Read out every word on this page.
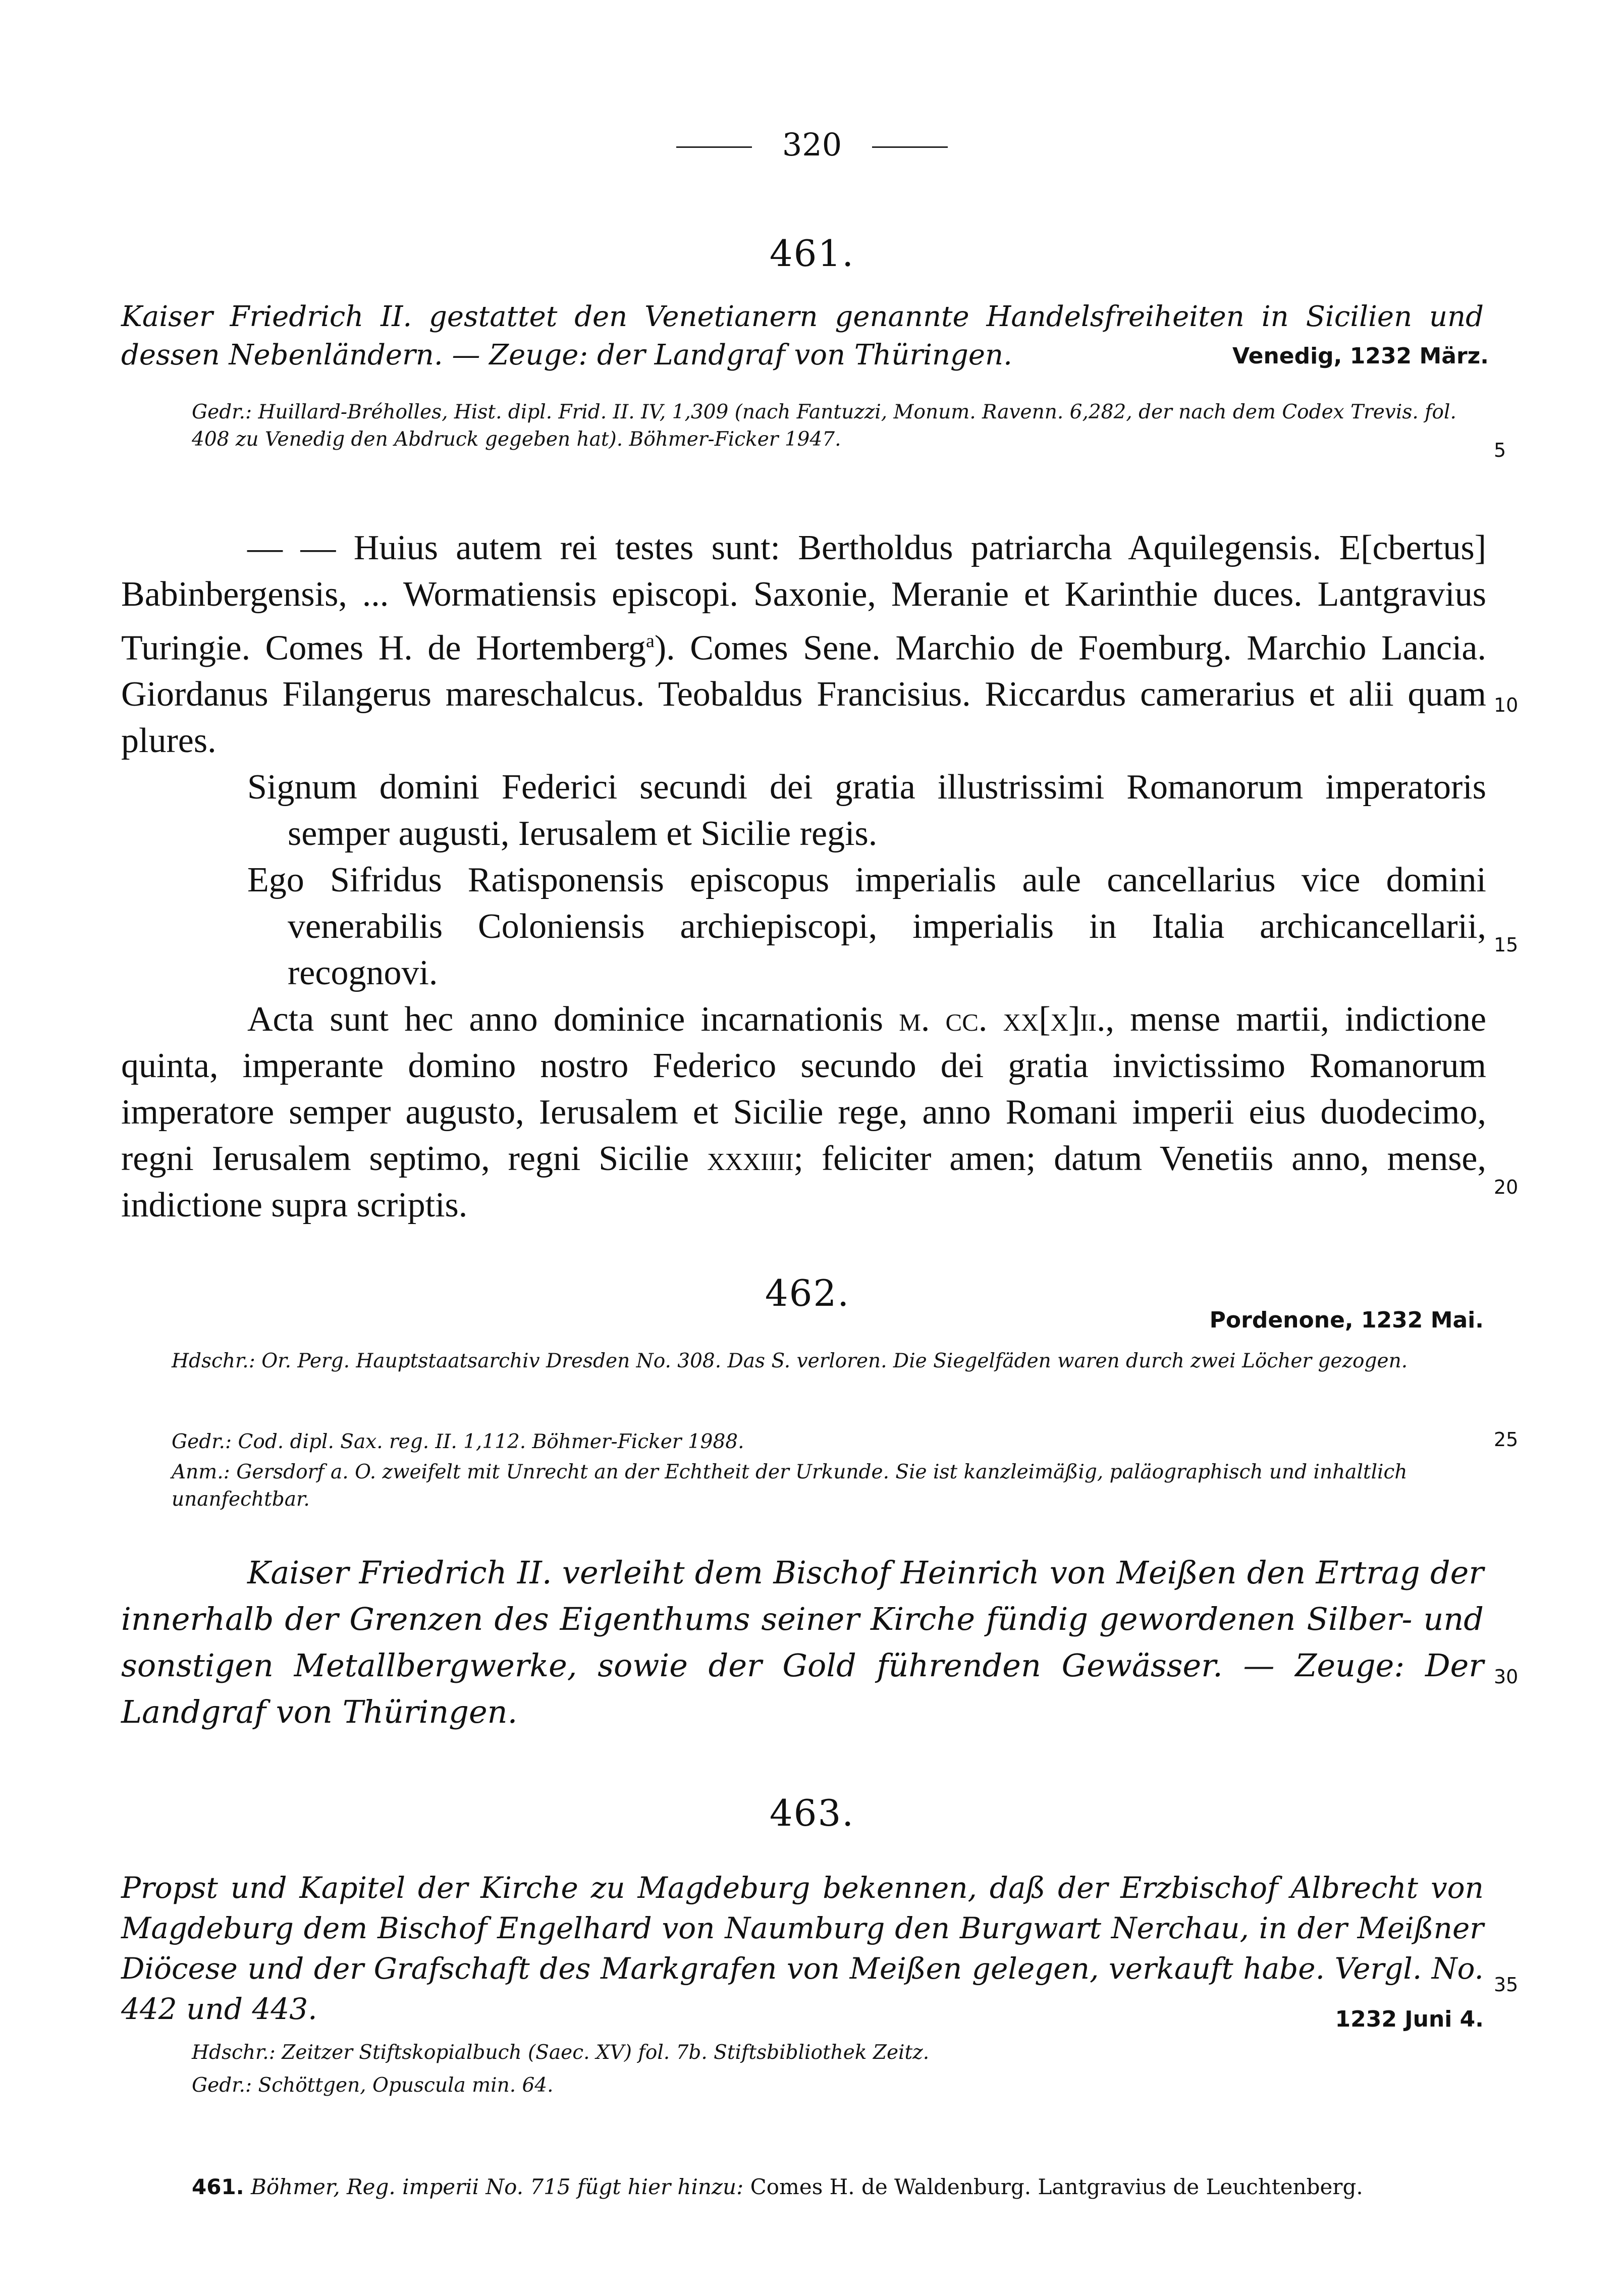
320
461.
Kaiser Friedrich II. gestattet den Venetianern genannte Handelsfreiheiten in Sicilien und dessen Nebenländern. — Zeuge: der Landgraf von Thüringen.	Venedig, 1232 März.
Gedr.: Huillard-Bréholles, Hist. dipl. Frid. II. IV, 1,309 (nach Fantuzzi, Monum. Ravenn. 6,282, der nach dem Codex Trevis. fol. 408 zu Venedig den Abdruck gegeben hat). Böhmer-Ficker 1947.

— — Huius autem rei testes sunt: Bertholdus patriarcha Aquilegensis. E[cbertus] Babinbergensis, ... Wormatiensis episcopi. Saxonie, Meranie et Karinthie duces. Lantgravius Turingie. Comes H. de Hortemberg$^a$). Comes Sene. Marchio de Foemburg. Marchio Lancia. Giordanus Filangerus mareschalcus. Teobaldus Francisius. Riccardus camerarius et alii quam plures.

Signum domini Federici secundi dei gratia illustrissimi Romanorum imperatoris semper augusti, Ierusalem et Sicilie regis.

Ego Sifridus Ratisponensis episcopus imperialis aule cancellarius vice domini venerabilis Coloniensis archiepiscopi, imperialis in Italia archicancellarii, recognovi.

Acta sunt hec anno dominice incarnationis m. cc. xx[x]ii., mense martii, indictione quinta, imperante domino nostro Federico secundo dei gratia invictissimo Romanorum imperatore semper augusto, Ierusalem et Sicilie rege, anno Romani imperii eius duodecimo, regni Ierusalem septimo, regni Sicilie xxxiiii; feliciter amen; datum Venetiis anno, mense, indictione supra scriptis.

5
10
15
20
25
30
35
462.
Pordenone, 1232 Mai.
Hdschr.: Or. Perg. Hauptstaatsarchiv Dresden No. 308. Das S. verloren. Die Siegelfäden waren durch zwei Löcher gezogen.
Gedr.: Cod. dipl. Sax. reg. II. 1,112. Böhmer-Ficker 1988.
Anm.: Gersdorf a. O. zweifelt mit Unrecht an der Echtheit der Urkunde. Sie ist kanzleimäßig, paläographisch und inhaltlich unanfechtbar.
Kaiser Friedrich II. verleiht dem Bischof Heinrich von Meißen den Ertrag der innerhalb der Grenzen des Eigenthums seiner Kirche fündig gewordenen Silber- und sonstigen Metallbergwerke, sowie der Gold führenden Gewässer. — Zeuge: Der Landgraf von Thüringen.
463.
Propst und Kapitel der Kirche zu Magdeburg bekennen, daß der Erzbischof Albrecht von Magdeburg dem Bischof Engelhard von Naumburg den Burgwart Nerchau, in der Meißner Diöcese und der Grafschaft des Markgrafen von Meißen gelegen, verkauft habe. Vergl. No. 442 und 443.	1232 Juni 4.
Hdschr.: Zeitzer Stiftskopialbuch (Saec. XV) fol. 7b. Stiftsbibliothek Zeitz.
Gedr.: Schöttgen, Opuscula min. 64.
461. Böhmer, Reg. imperii No. 715 fügt hier hinzu: Comes H. de Waldenburg. Lantgravius de Leuchtenberg.
